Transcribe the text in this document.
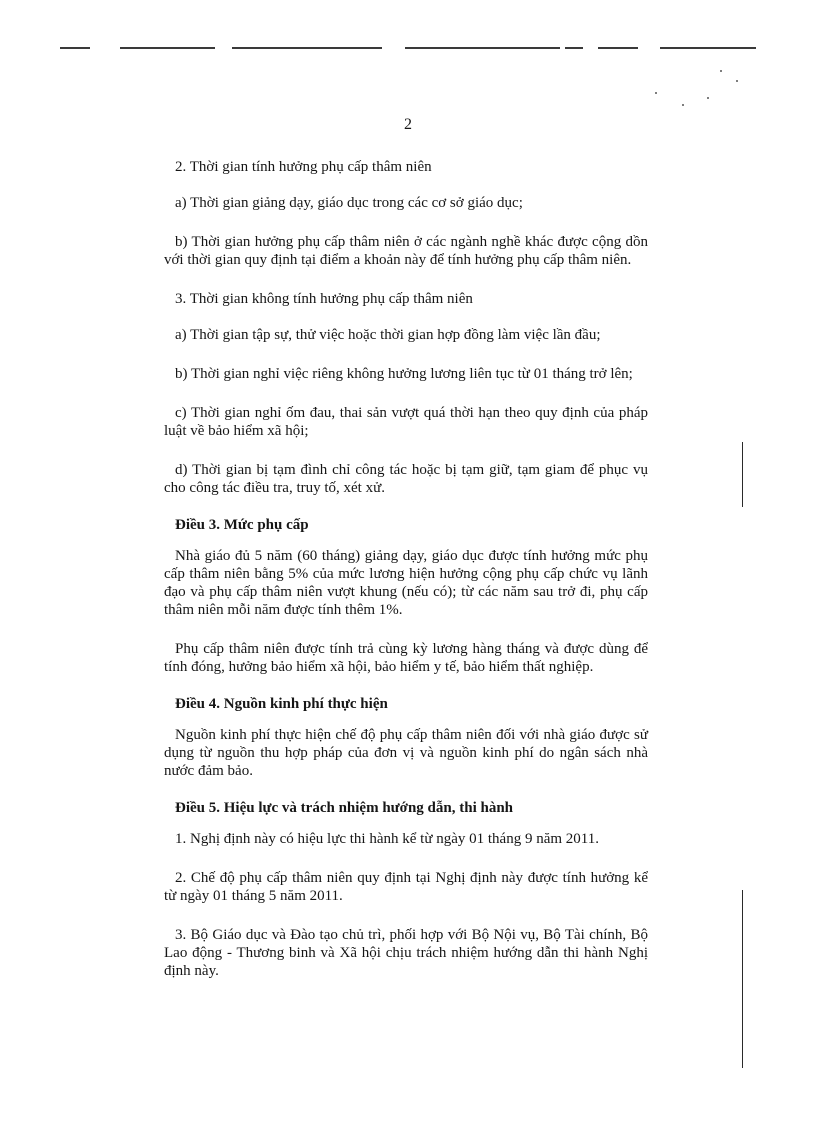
2

2. Thời gian tính hưởng phụ cấp thâm niên

a) Thời gian giảng dạy, giáo dục trong các cơ sở giáo dục;

b) Thời gian hưởng phụ cấp thâm niên ở các ngành nghề khác được cộng dồn với thời gian quy định tại điểm a khoản này để tính hưởng phụ cấp thâm niên.

3. Thời gian không tính hưởng phụ cấp thâm niên

a) Thời gian tập sự, thử việc hoặc thời gian hợp đồng làm việc lần đầu;

b) Thời gian nghỉ việc riêng không hưởng lương liên tục từ 01 tháng trở lên;

c) Thời gian nghỉ ốm đau, thai sản vượt quá thời hạn theo quy định của pháp luật về bảo hiểm xã hội;

d) Thời gian bị tạm đình chỉ công tác hoặc bị tạm giữ, tạm giam để phục vụ cho công tác điều tra, truy tố, xét xử.

Điều 3. Mức phụ cấp

Nhà giáo đủ 5 năm (60 tháng) giảng dạy, giáo dục được tính hưởng mức phụ cấp thâm niên bằng 5% của mức lương hiện hưởng cộng phụ cấp chức vụ lãnh đạo và phụ cấp thâm niên vượt khung (nếu có); từ các năm sau trở đi, phụ cấp thâm niên mỗi năm được tính thêm 1%.

Phụ cấp thâm niên được tính trả cùng kỳ lương hàng tháng và được dùng để tính đóng, hưởng bảo hiểm xã hội, bảo hiểm y tế, bảo hiểm thất nghiệp.

Điều 4. Nguồn kinh phí thực hiện

Nguồn kinh phí thực hiện chế độ phụ cấp thâm niên đối với nhà giáo được sử dụng từ nguồn thu hợp pháp của đơn vị và nguồn kinh phí do ngân sách nhà nước đảm bảo.

Điều 5. Hiệu lực và trách nhiệm hướng dẫn, thi hành

1. Nghị định này có hiệu lực thi hành kể từ ngày 01 tháng 9 năm 2011.

2. Chế độ phụ cấp thâm niên quy định tại Nghị định này được tính hưởng kể từ ngày 01 tháng 5 năm 2011.

3. Bộ Giáo dục và Đào tạo chủ trì, phối hợp với Bộ Nội vụ, Bộ Tài chính, Bộ Lao động - Thương binh và Xã hội chịu trách nhiệm hướng dẫn thi hành Nghị định này.
